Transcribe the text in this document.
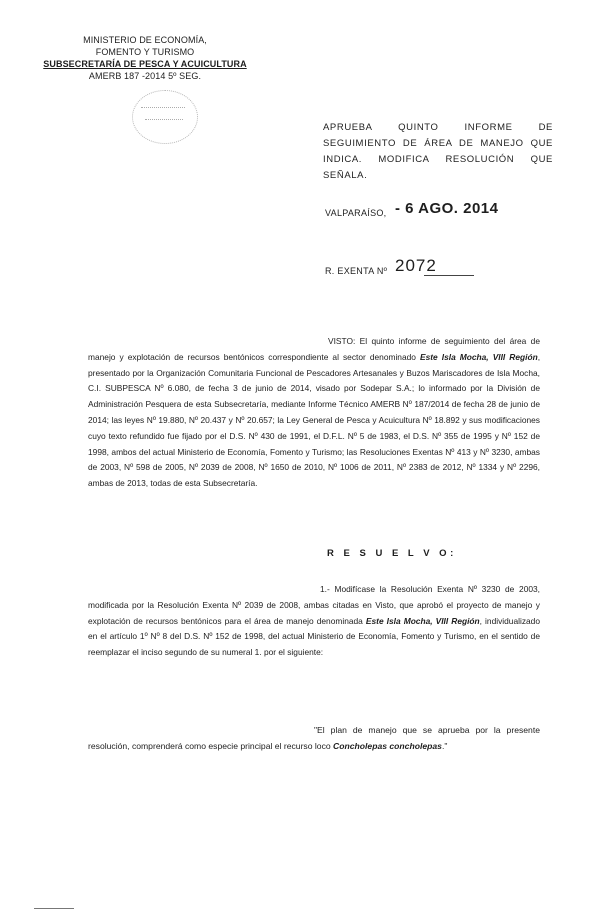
MINISTERIO DE ECONOMÍA,
FOMENTO Y TURISMO
SUBSECRETARÍA DE PESCA Y ACUICULTURA
AMERB 187 -2014 5º SEG.
APRUEBA QUINTO INFORME DE SEGUIMIENTO DE ÁREA DE MANEJO QUE INDICA. MODIFICA RESOLUCIÓN QUE SEÑALA.
VALPARAÍSO, - 6 AGO. 2014
R. EXENTA Nº 2072
VISTO: El quinto informe de seguimiento del área de manejo y explotación de recursos bentónicos correspondiente al sector denominado Este Isla Mocha, VIII Región, presentado por la Organización Comunitaria Funcional de Pescadores Artesanales y Buzos Mariscadores de Isla Mocha, C.I. SUBPESCA Nº 6.080, de fecha 3 de junio de 2014, visado por Sodepar S.A.; lo informado por la División de Administración Pesquera de esta Subsecretaría, mediante Informe Técnico AMERB Nº 187/2014 de fecha 28 de junio de 2014; las leyes Nº 19.880, Nº 20.437 y Nº 20.657; la Ley General de Pesca y Acuicultura Nº 18.892 y sus modificaciones cuyo texto refundido fue fijado por el D.S. Nº 430 de 1991, el D.F.L. Nº 5 de 1983, el D.S. Nº 355 de 1995 y Nº 152 de 1998, ambos del actual Ministerio de Economía, Fomento y Turismo; las Resoluciones Exentas Nº 413 y Nº 3230, ambas de 2003, Nº 598 de 2005, Nº 2039 de 2008, Nº 1650 de 2010, Nº 1006 de 2011, Nº 2383 de 2012, Nº 1334 y Nº 2296, ambas de 2013, todas de esta Subsecretaría.
R E S U E L V O:
1.- Modifícase la Resolución Exenta Nº 3230 de 2003, modificada por la Resolución Exenta Nº 2039 de 2008, ambas citadas en Visto, que aprobó el proyecto de manejo y explotación de recursos bentónicos para el área de manejo denominada Este Isla Mocha, VIII Región, individualizado en el artículo 1º Nº 8 del D.S. Nº 152 de 1998, del actual Ministerio de Economía, Fomento y Turismo, en el sentido de reemplazar el inciso segundo de su numeral 1. por el siguiente:
"El plan de manejo que se aprueba por la presente resolución, comprenderá como especie principal el recurso loco Concholepas concholepas."
